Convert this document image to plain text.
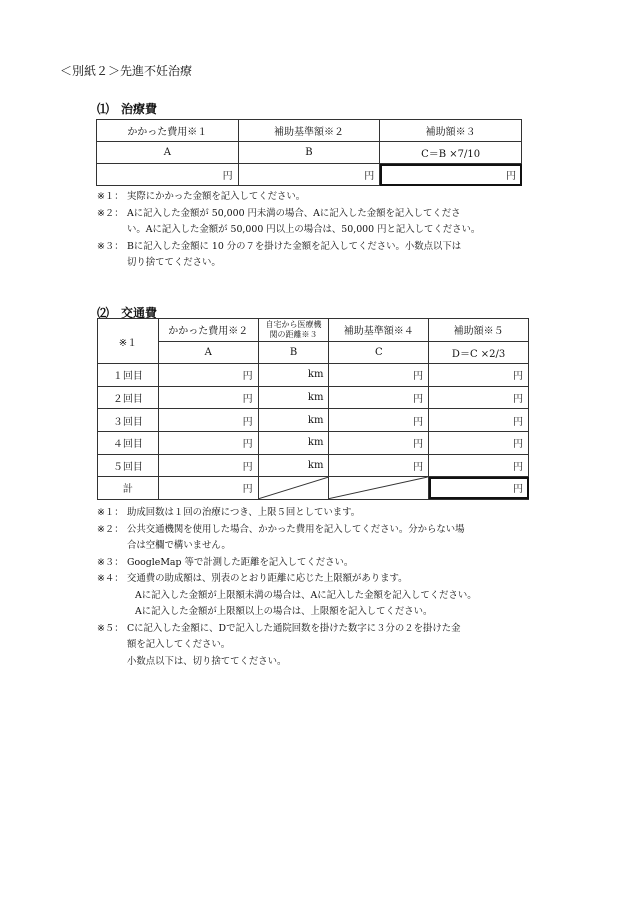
＜別紙２＞先進不妊治療
⑴　治療費
かかった費用※１	補助基準額※２	補助額※３
A	B	C＝B ×7/10
円	円	円
※１： 実際にかかった金額を記入してください。
※２： Aに記入した金額が 50,000 円未満の場合、Aに記入した金額を記入してくださ
い。Aに記入した金額が 50,000 円以上の場合は、50,000 円と記入してください。
※３： Bに記入した金額に 10 分の７を掛けた金額を記入してください。小数点以下は
切り捨ててください。
⑵　交通費
※１	かかった費用※２	自宅から医療機関の距離※３	補助基準額※４	補助額※５
	A	B	C	D＝C ×2/3
１回目	円	km	円	円
２回目	円	km	円	円
３回目	円	km	円	円
４回目	円	km	円	円
５回目	円	km	円	円
計	円			円
※１： 助成回数は１回の治療につき、上限５回としています。
※２： 公共交通機関を使用した場合、かかった費用を記入してください。分からない場
合は空欄で構いません。
※３： GoogleMap 等で計測した距離を記入してください。
※４： 交通費の助成額は、別表のとおり距離に応じた上限額があります。
Aに記入した金額が上限額未満の場合は、Aに記入した金額を記入してください。
Aに記入した金額が上限額以上の場合は、上限額を記入してください。
※５： Cに記入した金額に、Dで記入した通院回数を掛けた数字に３分の２を掛けた金
額を記入してください。
小数点以下は、切り捨ててください。
